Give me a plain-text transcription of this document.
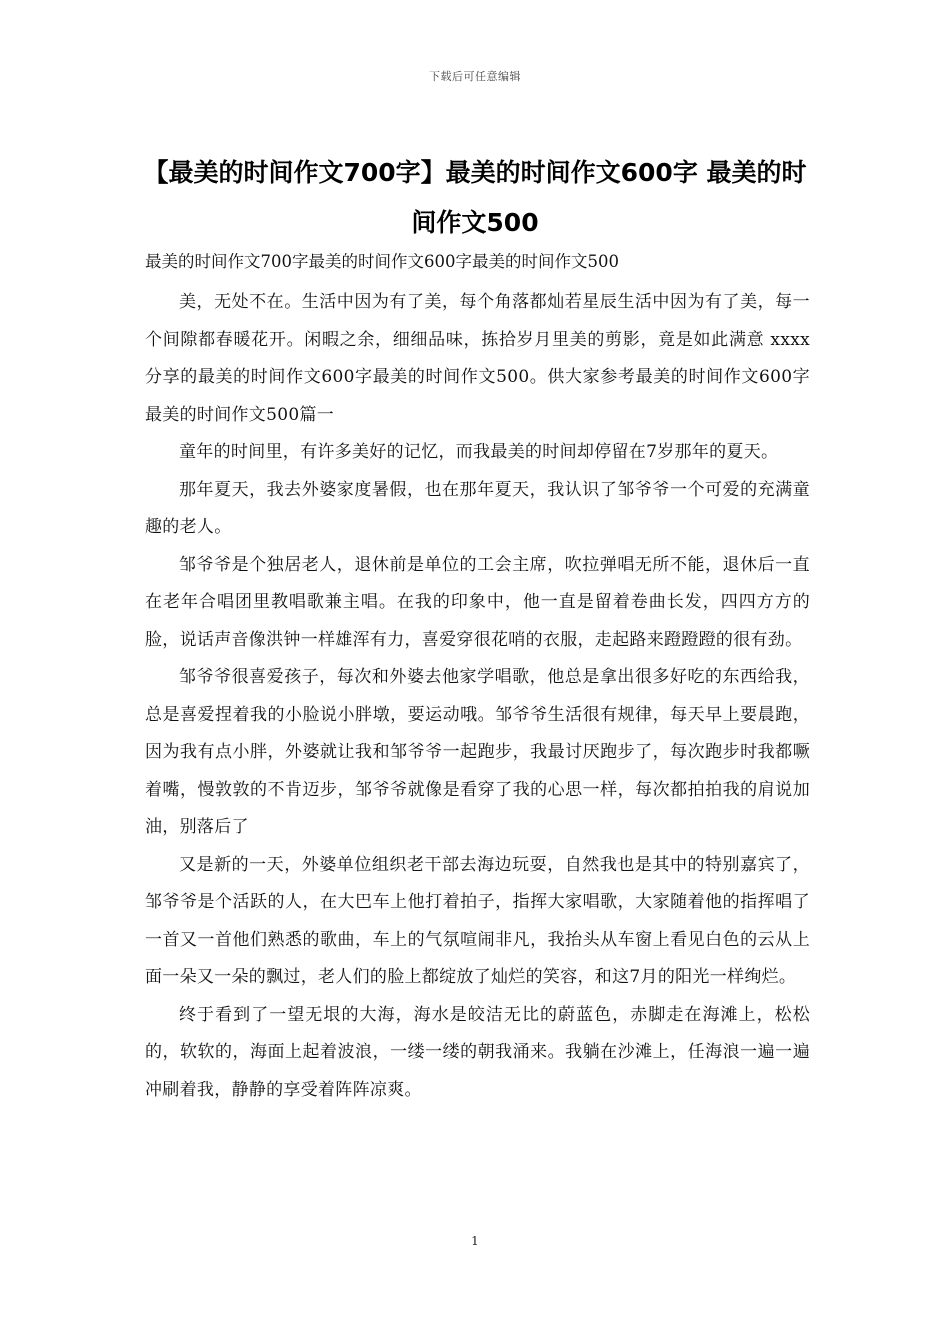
下载后可任意编辑
【最美的时间作文700字】最美的时间作文600字 最美的时间作文500

最美的时间作文700字最美的时间作文600字最美的时间作文500

美，无处不在。生活中因为有了美，每个角落都灿若星辰生活中因为有了美，每一个间隙都春暖花开。闲暇之余，细细品味，拣拾岁月里美的剪影，竟是如此满意 xxxx 分享的最美的时间作文600字最美的时间作文500。供大家参考最美的时间作文600字最美的时间作文500篇一

童年的时间里，有许多美好的记忆，而我最美的时间却停留在7岁那年的夏天。

那年夏天，我去外婆家度暑假，也在那年夏天，我认识了邹爷爷一个可爱的充满童趣的老人。

邹爷爷是个独居老人，退休前是单位的工会主席，吹拉弹唱无所不能，退休后一直在老年合唱团里教唱歌兼主唱。在我的印象中，他一直是留着卷曲长发，四四方方的脸，说话声音像洪钟一样雄浑有力，喜爱穿很花哨的衣服，走起路来蹬蹬蹬的很有劲。

邹爷爷很喜爱孩子，每次和外婆去他家学唱歌，他总是拿出很多好吃的东西给我，总是喜爱捏着我的小脸说小胖墩，要运动哦。邹爷爷生活很有规律，每天早上要晨跑，因为我有点小胖，外婆就让我和邹爷爷一起跑步，我最讨厌跑步了，每次跑步时我都噘着嘴，慢敦敦的不肯迈步，邹爷爷就像是看穿了我的心思一样，每次都拍拍我的肩说加油，别落后了

又是新的一天，外婆单位组织老干部去海边玩耍，自然我也是其中的特别嘉宾了，邹爷爷是个活跃的人，在大巴车上他打着拍子，指挥大家唱歌，大家随着他的指挥唱了一首又一首他们熟悉的歌曲，车上的气氛喧闹非凡，我抬头从车窗上看见白色的云从上面一朵又一朵的飘过，老人们的脸上都绽放了灿烂的笑容，和这7月的阳光一样绚烂。

终于看到了一望无垠的大海，海水是皎洁无比的蔚蓝色，赤脚走在海滩上，松松的，软软的，海面上起着波浪，一缕一缕的朝我涌来。我躺在沙滩上，任海浪一遍一遍冲刷着我，静静的享受着阵阵凉爽。

1
